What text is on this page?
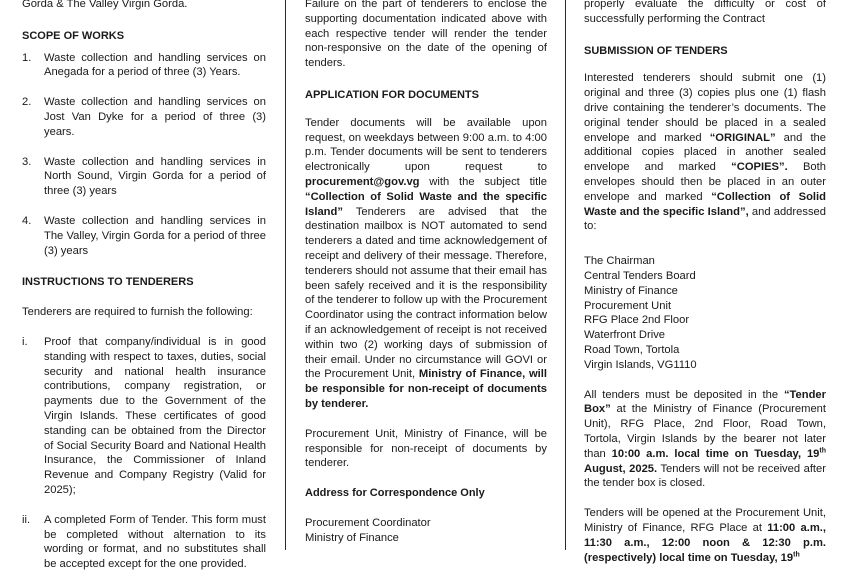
Gorda & The Valley Virgin Gorda.

SCOPE OF WORKS

1.	Waste collection and handling services on Anegada for a period of three (3) Years.
2.	Waste collection and handling services on Jost Van Dyke for a period of three (3) years.
3.	Waste collection and handling services in North Sound, Virgin Gorda for a period of three (3) years
4.	Waste collection and handling services in The Valley, Virgin Gorda for a period of three (3) years

INSTRUCTIONS TO TENDERERS

Tenderers are required to furnish the following:

i.	Proof that company/individual is in good standing with respect to taxes, duties, social security and national health insurance contributions, company registration, or payments due to the Government of the Virgin Islands. These certificates of good standing can be obtained from the Director of Social Security Board and National Health Insurance, the Commissioner of Inland Revenue and Company Registry (Valid for 2025);
ii.	A completed Form of Tender. This form must be completed without alternation to its wording or format, and no substitutes shall be accepted except for the one provided.

Failure on the part of tenderers to enclose the supporting documentation indicated above with each respective tender will render the tender non-responsive on the date of the opening of tenders.

APPLICATION FOR DOCUMENTS

Tender documents will be available upon request, on weekdays between 9:00 a.m. to 4:00 p.m. Tender documents will be sent to tenderers electronically upon request to procurement@gov.vg with the subject title “Collection of Solid Waste and the specific Island” Tenderers are advised that the destination mailbox is NOT automated to send tenderers a dated and time acknowledgement of receipt and delivery of their message. Therefore, tenderers should not assume that their email has been safely received and it is the responsibility of the tenderer to follow up with the Procurement Coordinator using the contract information below if an acknowledgement of receipt is not received within two (2) working days of submission of their email. Under no circumstance will GOVI or the Procurement Unit, Ministry of Finance, will be responsible for non-receipt of documents by tenderer.

Procurement Unit, Ministry of Finance, will be responsible for non-receipt of documents by tenderer.

Address for Correspondence Only

Procurement Coordinator

Ministry of Finance

properly evaluate the difficulty or cost of successfully performing the Contract

SUBMISSION OF TENDERS

Interested tenderers should submit one (1) original and three (3) copies plus one (1) flash drive containing the tenderer’s documents. The original tender should be placed in a sealed envelope and marked “ORIGINAL” and the additional copies placed in another sealed envelope and marked “COPIES”. Both envelopes should then be placed in an outer envelope and marked “Collection of Solid Waste and the specific Island”, and addressed to:

The Chairman

Central Tenders Board

Ministry of Finance

Procurement Unit

RFG Place 2nd Floor

Waterfront Drive

Road Town, Tortola

Virgin Islands, VG1110

All tenders must be deposited in the “Tender Box” at the Ministry of Finance (Procurement Unit), RFG Place, 2nd Floor, Road Town, Tortola, Virgin Islands by the bearer not later than 10:00 a.m. local time on Tuesday, 19th August, 2025. Tenders will not be received after the tender box is closed.

Tenders will be opened at the Procurement Unit, Ministry of Finance, RFG Place at 11:00 a.m., 11:30 a.m., 12:00 noon & 12:30 p.m. (respectively) local time on Tuesday, 19th
